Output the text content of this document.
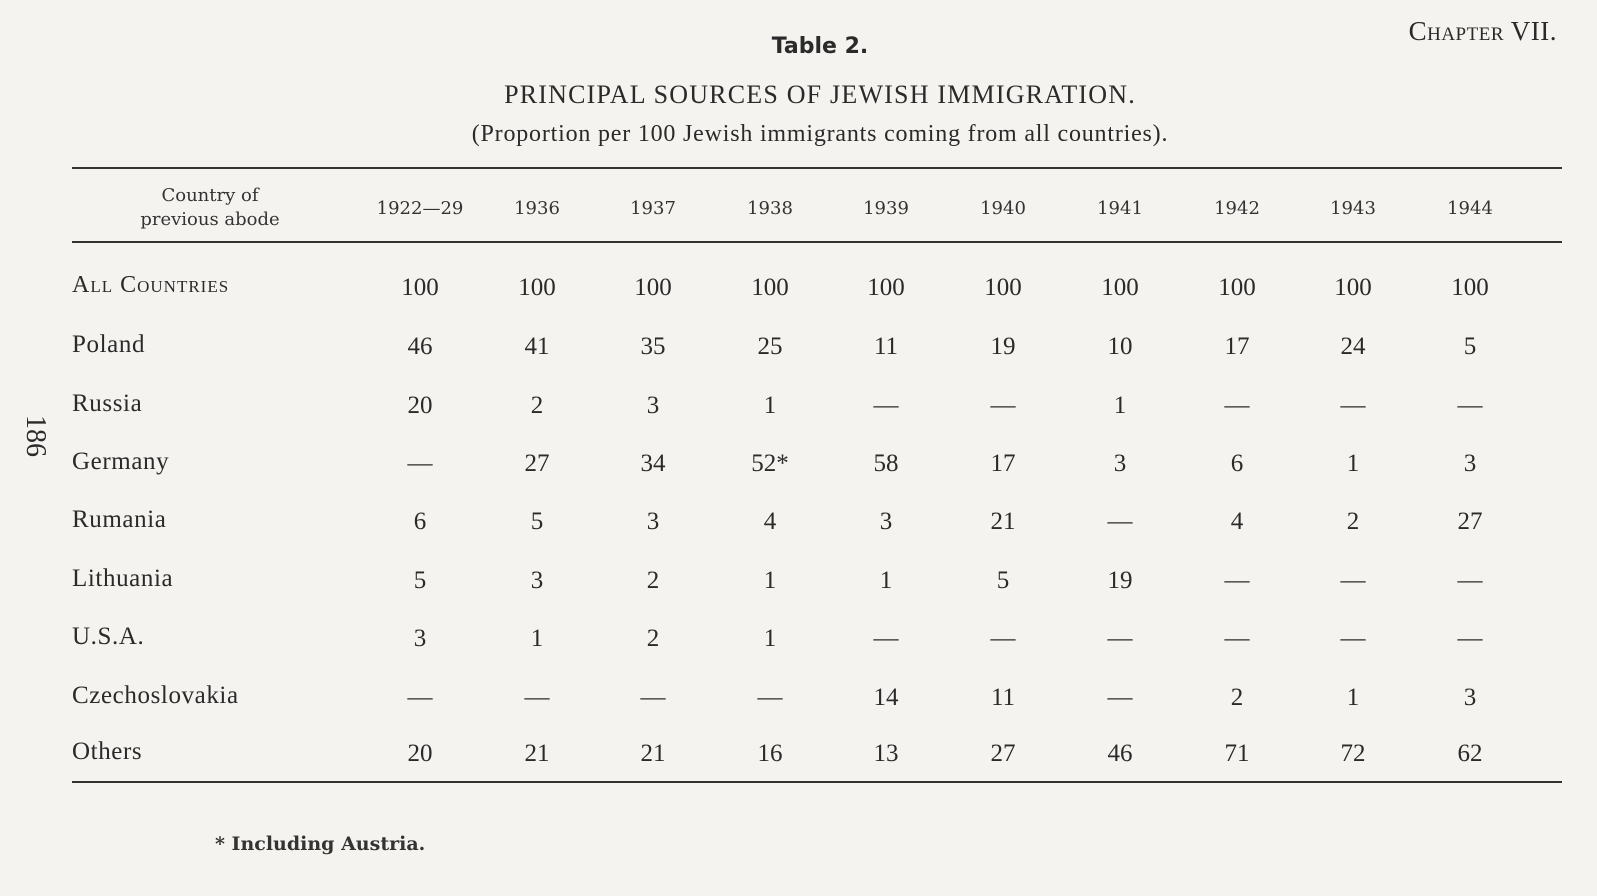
Chapter VII.
Table 2.
PRINCIPAL SOURCES OF JEWISH IMMIGRATION.
(Proportion per 100 Jewish immigrants coming from all countries).
186
Country of
previous abode
1922—29	1936	1937	1938	1939	1940	1941	1942	1943	1944
All Countries	100	100	100	100	100	100	100	100	100	100
Poland	46	41	35	25	11	19	10	17	24	5
Russia	20	2	3	1	—	—	1	—	—	—
Germany	—	27	34	52*	58	17	3	6	1	3
Rumania	6	5	3	4	3	21	—	4	2	27
Lithuania	5	3	2	1	1	5	19	—	—	—
U.S.A.	3	1	2	1	—	—	—	—	—	—
Czechoslovakia	—	—	—	—	14	11	—	2	1	3
Others	20	21	21	16	13	27	46	71	72	62
* Including Austria.
